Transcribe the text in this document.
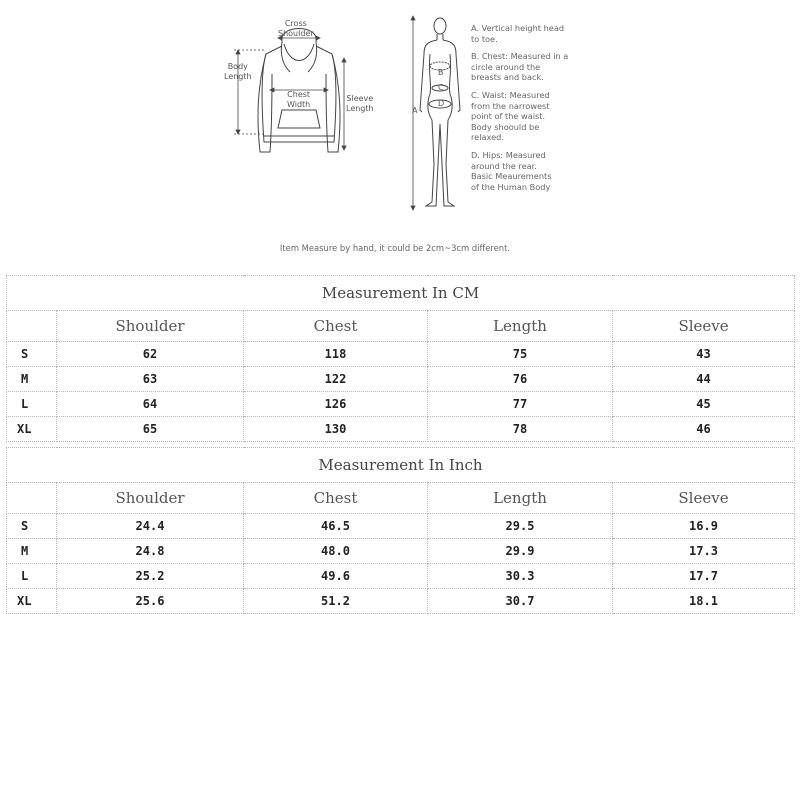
Cross
Shoulder
Body
Length
Chest
Width
Sleeve
Length	A
B
C
D
A. Vertical height head
to toe.
B. Chest: Measured in a
circle around the
breasts and back.
C. Waist: Measured
from the narrowest
point of the waist.
Body shoould be
relaxed.
D. Hips: Measured
around the rear.
Basic Meaurements
of the Human Body
Item Measure by hand, it could be 2cm~3cm different.
Measurement In CM				
	Shoulder	Chest	Length	Sleeve
S	62	118	75	43
M	63	122	76	44
L	64	126	77	45
XL	65	130	78	46
Measurement In Inch				
	Shoulder	Chest	Length	Sleeve
S	24.4	46.5	29.5	16.9
M	24.8	48.0	29.9	17.3
L	25.2	49.6	30.3	17.7
XL	25.6	51.2	30.7	18.1
